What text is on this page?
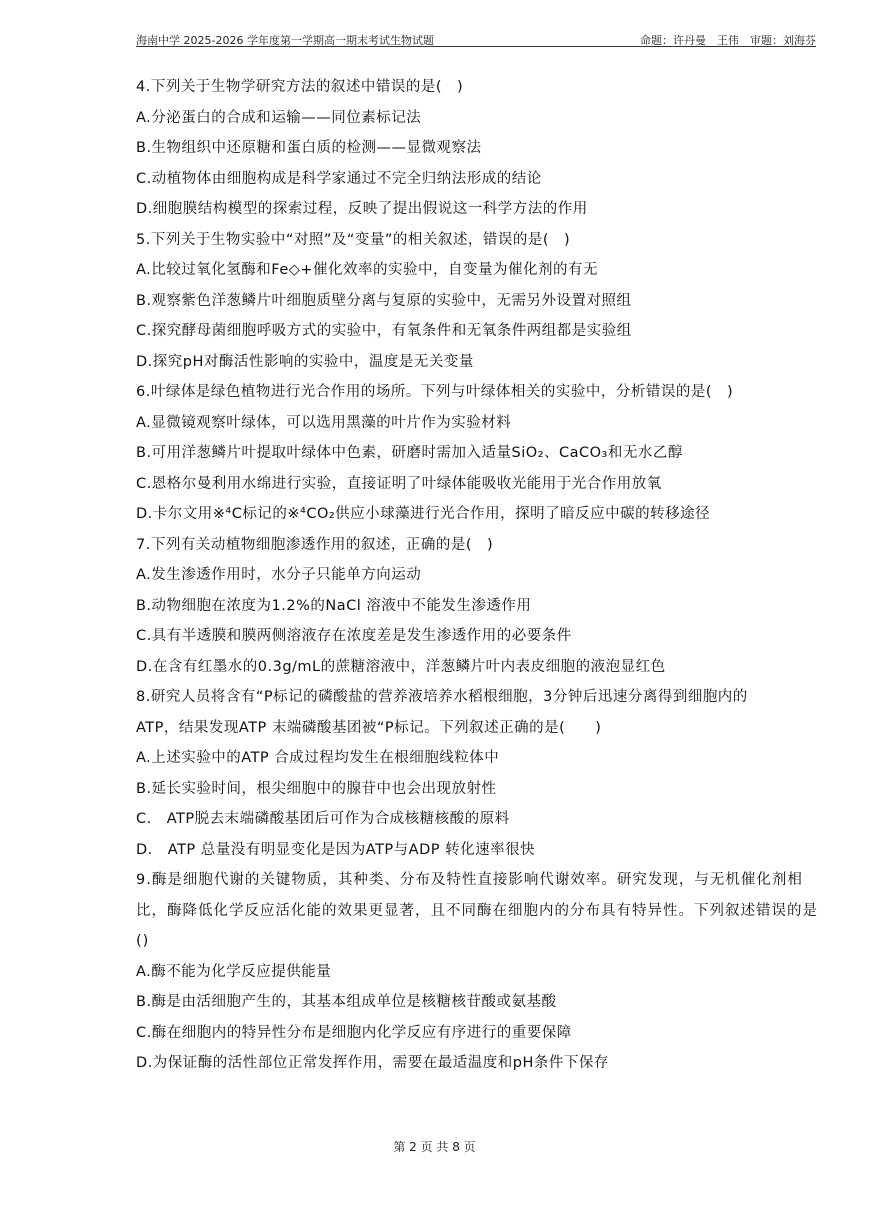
海南中学 2025-2026 学年度第一学期高一期末考试生物试题	命题：许丹曼　王伟　审题：刘海芬
4.下列关于生物学研究方法的叙述中错误的是(　)
A.分泌蛋白的合成和运输——同位素标记法
B.生物组织中还原糖和蛋白质的检测——显微观察法
C.动植物体由细胞构成是科学家通过不完全归纳法形成的结论
D.细胞膜结构模型的探索过程，反映了提出假说这一科学方法的作用
5.下列关于生物实验中“对照”及“变量”的相关叙述，错误的是(　)
A.比较过氧化氢酶和Fe◇+催化效率的实验中，自变量为催化剂的有无
B.观察紫色洋葱鳞片叶细胞质壁分离与复原的实验中，无需另外设置对照组
C.探究酵母菌细胞呼吸方式的实验中，有氧条件和无氧条件两组都是实验组
D.探究pH对酶活性影响的实验中，温度是无关变量
6.叶绿体是绿色植物进行光合作用的场所。下列与叶绿体相关的实验中，分析错误的是(　)
A.显微镜观察叶绿体，可以选用黑藻的叶片作为实验材料
B.可用洋葱鳞片叶提取叶绿体中色素，研磨时需加入适量SiO₂、CaCO₃和无水乙醇
C.恩格尔曼利用水绵进行实验，直接证明了叶绿体能吸收光能用于光合作用放氧
D.卡尔文用※⁴C标记的※⁴CO₂供应小球藻进行光合作用，探明了暗反应中碳的转移途径
7.下列有关动植物细胞渗透作用的叙述，正确的是(　)
A.发生渗透作用时，水分子只能单方向运动
B.动物细胞在浓度为1.2%的NaCl 溶液中不能发生渗透作用
C.具有半透膜和膜两侧溶液存在浓度差是发生渗透作用的必要条件
D.在含有红墨水的0.3g/mL的蔗糖溶液中，洋葱鳞片叶内表皮细胞的液泡显红色
8.研究人员将含有“P标记的磷酸盐的营养液培养水稻根细胞，3分钟后迅速分离得到细胞内的
ATP，结果发现ATP 末端磷酸基团被“P标记。下列叙述正确的是(　　)
A.上述实验中的ATP 合成过程均发生在根细胞线粒体中
B.延长实验时间，根尖细胞中的腺苷中也会出现放射性
C.　ATP脱去末端磷酸基团后可作为合成核糖核酸的原料
D.　ATP 总量没有明显变化是因为ATP与ADP 转化速率很快
9.酶是细胞代谢的关键物质，其种类、分布及特性直接影响代谢效率。研究发现，与无机催化剂相比，酶降低化学反应活化能的效果更显著，且不同酶在细胞内的分布具有特异性。下列叙述错误的是()
A.酶不能为化学反应提供能量
B.酶是由活细胞产生的，其基本组成单位是核糖核苷酸或氨基酸
C.酶在细胞内的特异性分布是细胞内化学反应有序进行的重要保障
D.为保证酶的活性部位正常发挥作用，需要在最适温度和pH条件下保存
第 2 页 共 8 页
